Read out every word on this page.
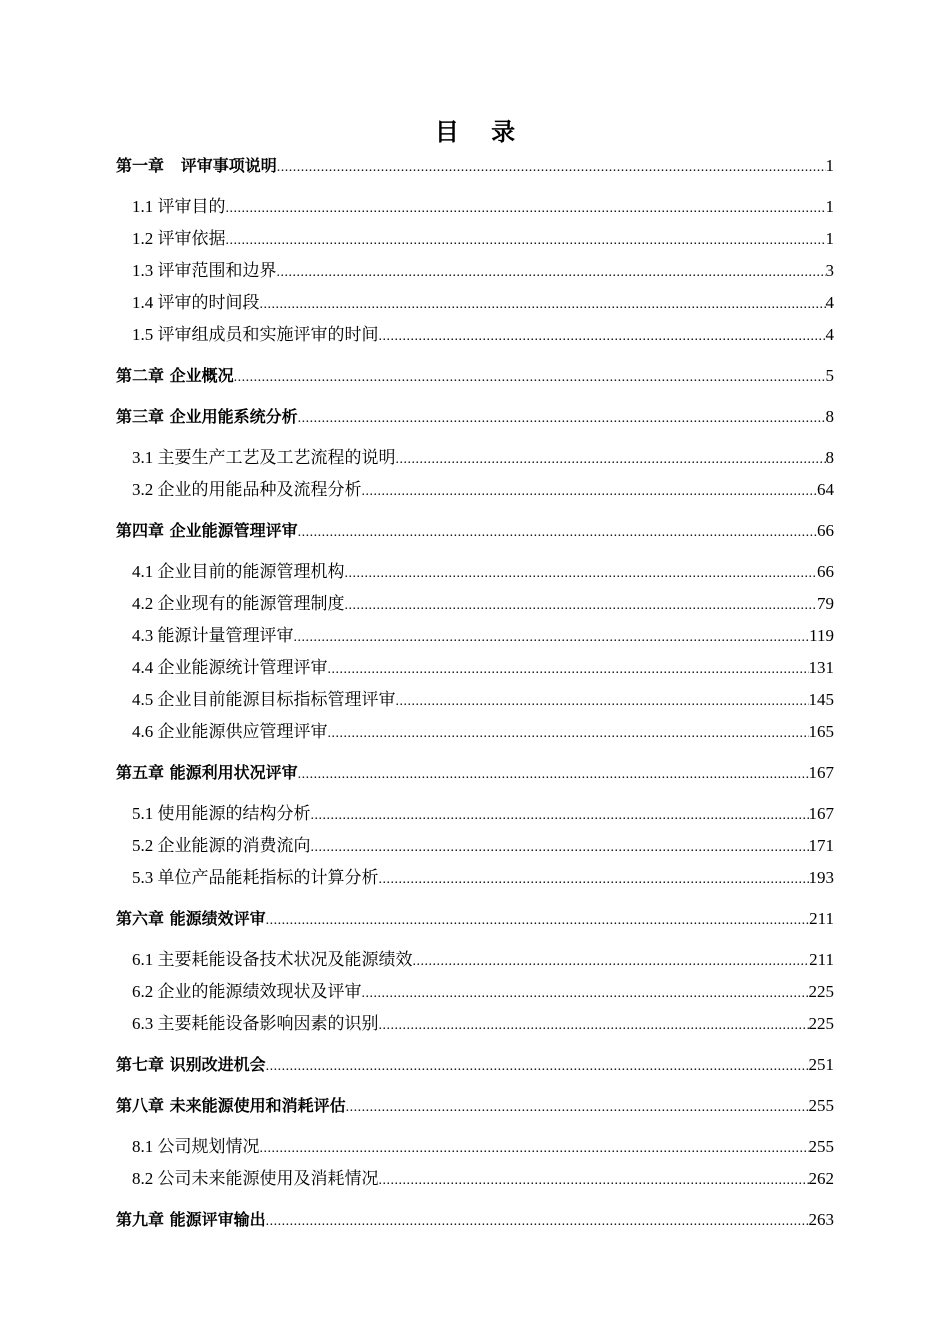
目 录
第一章   评审事项说明 .....	1
1.1 评审目的 .....	1
1.2 评审依据 .....	1
1.3 评审范围和边界 .....	3
1.4 评审的时间段 .....	4
1.5 评审组成员和实施评审的时间 .....	4
第二章 企业概况 .....	5
第三章 企业用能系统分析 .....	8
3.1 主要生产工艺及工艺流程的说明 .....	8
3.2 企业的用能品种及流程分析 .....	64
第四章 企业能源管理评审 .....	66
4.1 企业目前的能源管理机构 .....	66
4.2 企业现有的能源管理制度 .....	79
4.3 能源计量管理评审 .....	119
4.4 企业能源统计管理评审 .....	131
4.5 企业目前能源目标指标管理评审 .....	145
4.6 企业能源供应管理评审 .....	165
第五章 能源利用状况评审 .....	167
5.1 使用能源的结构分析 .....	167
5.2 企业能源的消费流向 .....	171
5.3 单位产品能耗指标的计算分析 .....	193
第六章 能源绩效评审 .....	211
6.1 主要耗能设备技术状况及能源绩效 .....	211
6.2 企业的能源绩效现状及评审 .....	225
6.3 主要耗能设备影响因素的识别 .....	225
第七章 识别改进机会 .....	251
第八章 未来能源使用和消耗评估 .....	255
8.1 公司规划情况 .....	255
8.2 公司未来能源使用及消耗情况 .....	262
第九章 能源评审输出 .....	263
